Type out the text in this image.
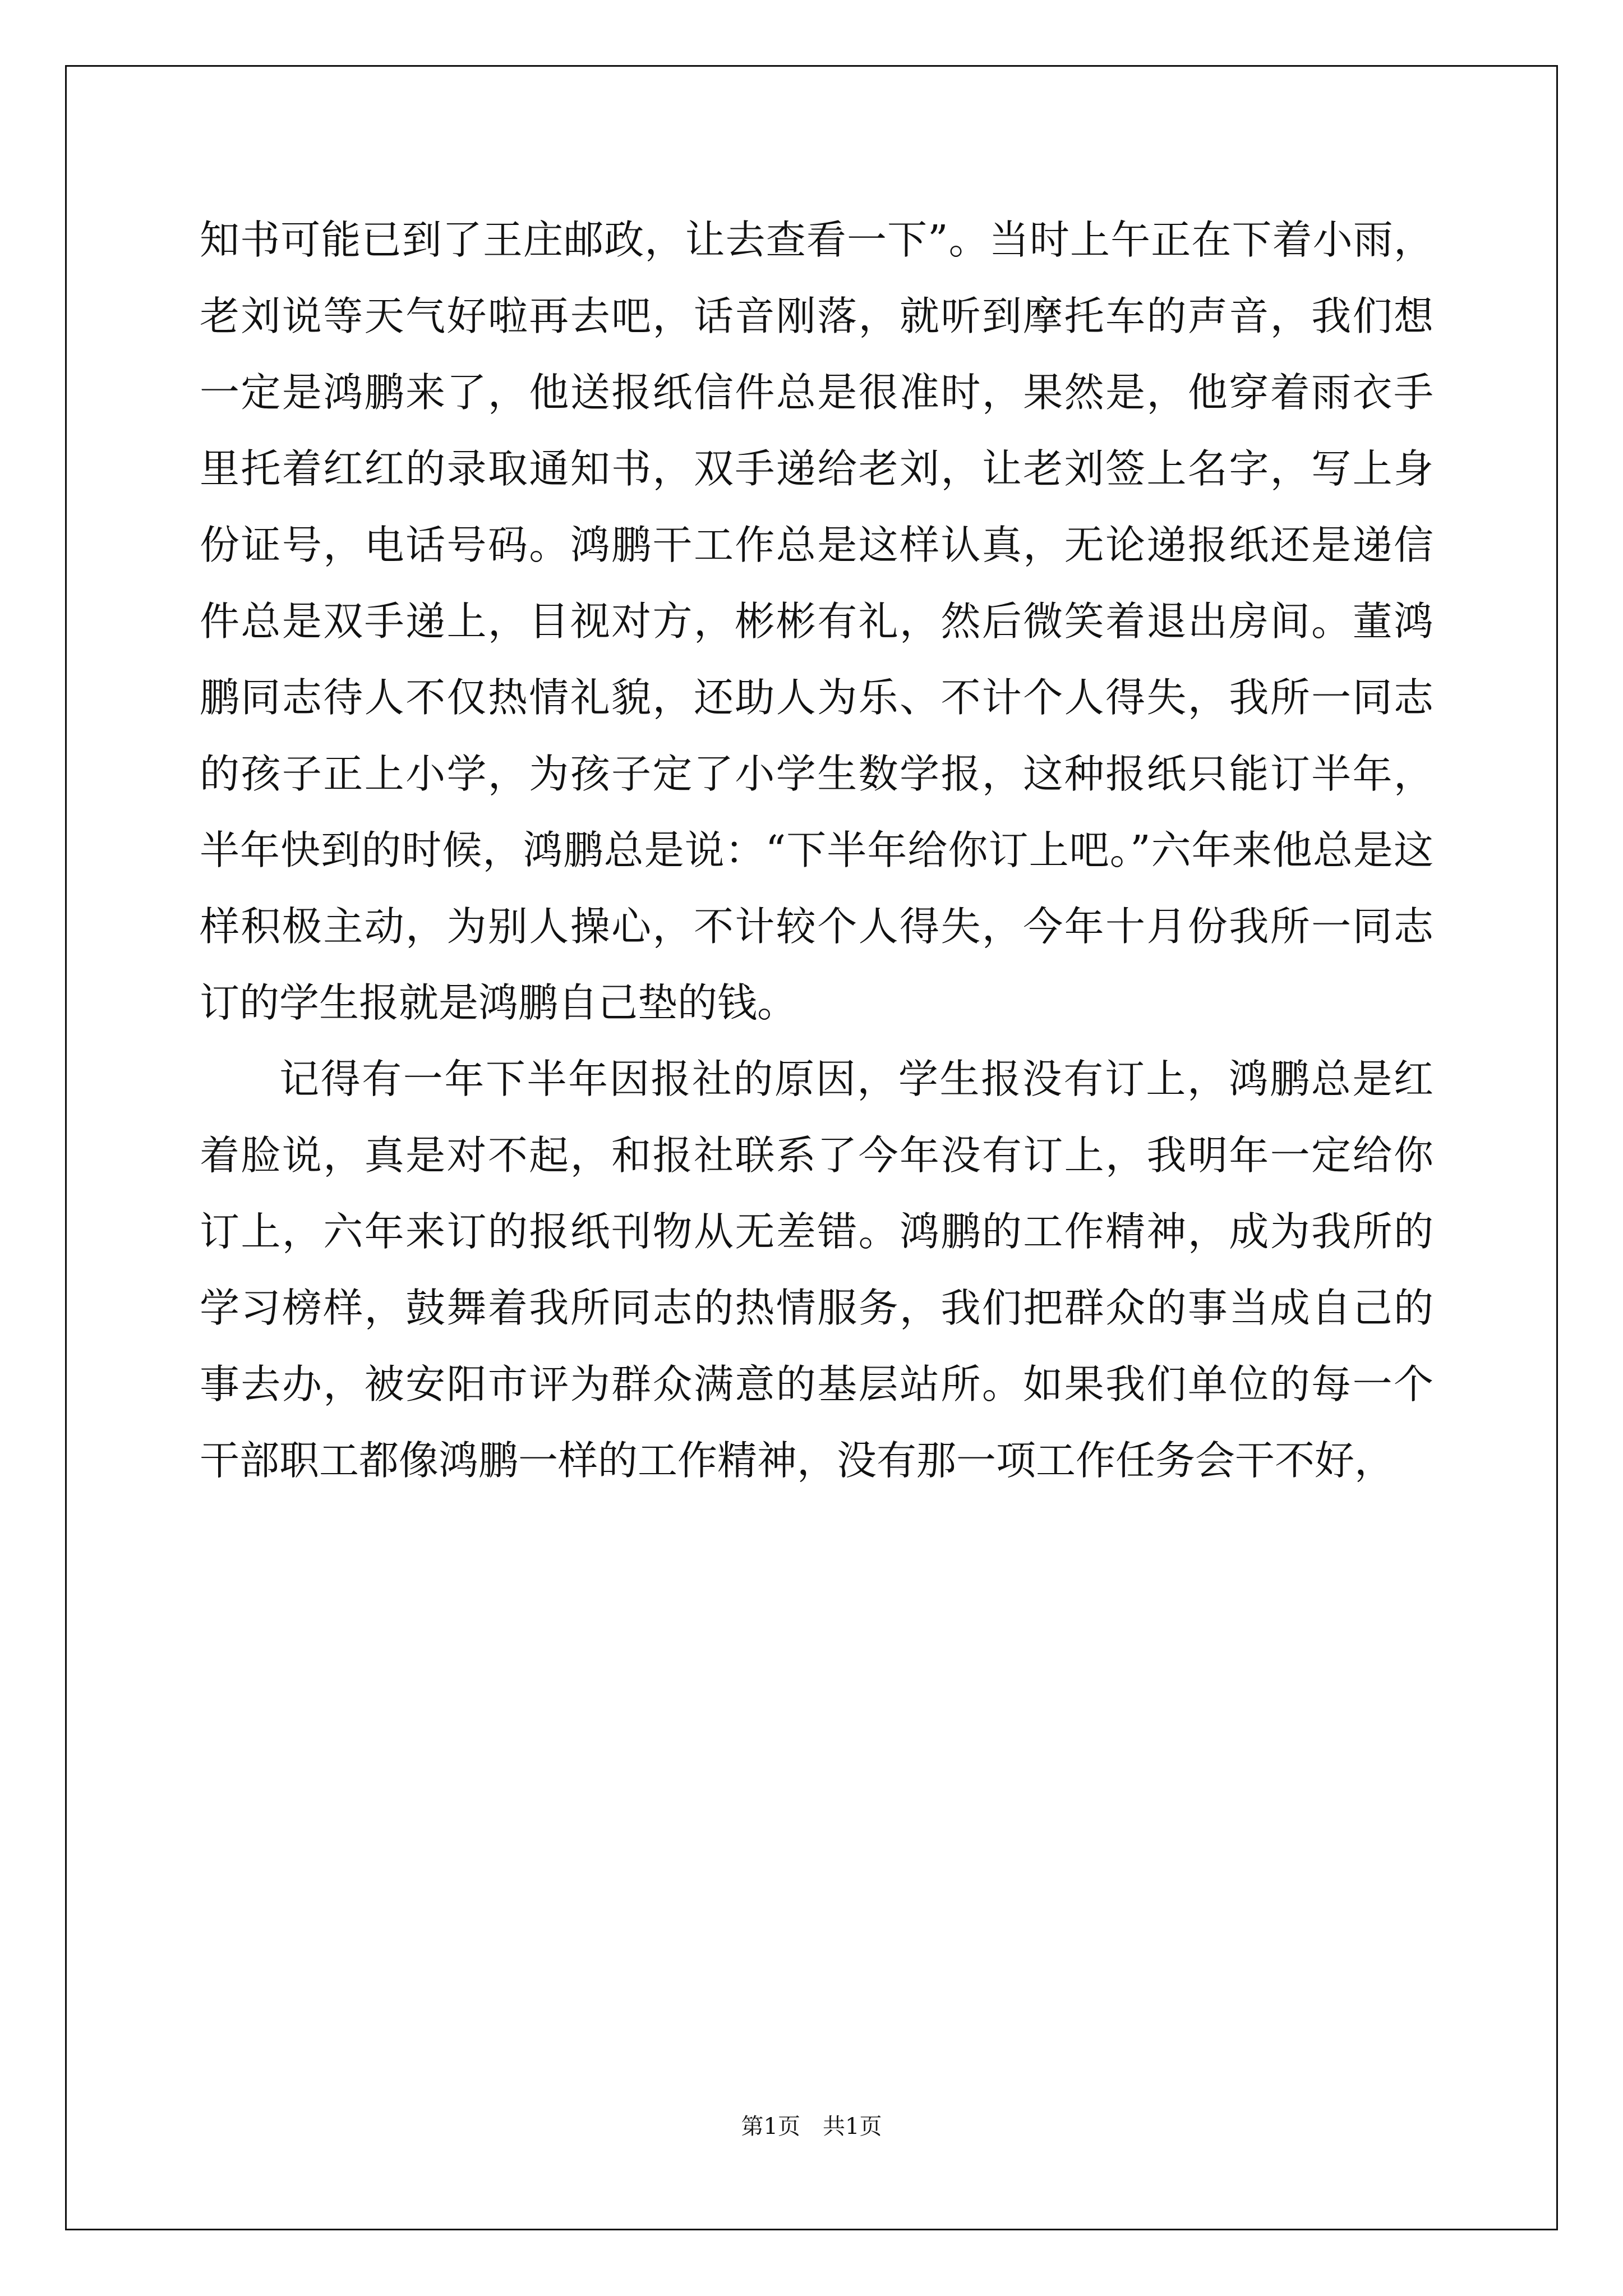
知书可能已到了王庄邮政，让去查看一下”。当时上午正在下着小雨，老刘说等天气好啦再去吧，话音刚落，就听到摩托车的声音，我们想一定是鸿鹏来了，他送报纸信件总是很准时，果然是，他穿着雨衣手里托着红红的录取通知书，双手递给老刘，让老刘签上名字，写上身份证号，电话号码。鸿鹏干工作总是这样认真，无论递报纸还是递信件总是双手递上，目视对方，彬彬有礼，然后微笑着退出房间。董鸿鹏同志待人不仅热情礼貌，还助人为乐、不计个人得失，我所一同志的孩子正上小学，为孩子定了小学生数学报，这种报纸只能订半年，半年快到的时候，鸿鹏总是说：“下半年给你订上吧。”六年来他总是这样积极主动，为别人操心，不计较个人得失，今年十月份我所一同志订的学生报就是鸿鹏自己垫的钱。

记得有一年下半年因报社的原因，学生报没有订上，鸿鹏总是红着脸说，真是对不起，和报社联系了今年没有订上，我明年一定给你订上，六年来订的报纸刊物从无差错。鸿鹏的工作精神，成为我所的学习榜样，鼓舞着我所同志的热情服务，我们把群众的事当成自己的事去办，被安阳市评为群众满意的基层站所。如果我们单位的每一个干部职工都像鸿鹏一样的工作精神，没有那一项工作任务会干不好，

第1页 共1页
